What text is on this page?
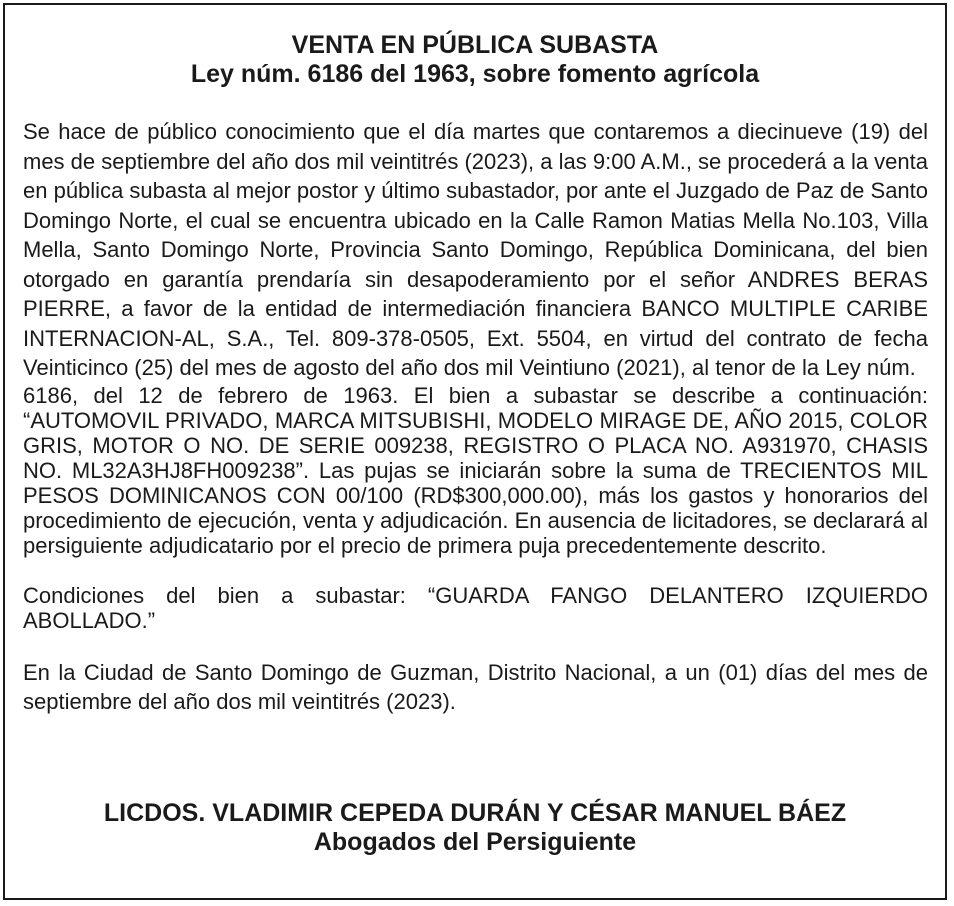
VENTA EN PÚBLICA SUBASTA
Ley núm. 6186 del 1963, sobre fomento agrícola

Se hace de público conocimiento que el día martes que contaremos a diecinueve (19) del mes de septiembre del año dos mil veintitrés (2023), a las 9:00 A.M., se procederá a la venta en pública subasta al mejor postor y último subastador, por ante el Juzgado de Paz de Santo Domingo Norte, el cual se encuentra ubicado en la Calle Ramon Matias Mella No.103, Villa Mella, Santo Domingo Norte, Provincia Santo Domingo, República Dominicana, del bien otorgado en garantía prendaría sin desapoderamiento por el señor ANDRES BERAS PIERRE, a favor de la entidad de intermediación financiera BANCO MULTIPLE CARIBE INTERNACION-AL, S.A., Tel. 809-378-0505, Ext. 5504, en virtud del contrato de fecha Veinticinco (25) del mes de agosto del año dos mil Veintiuno (2021), al tenor de la Ley núm.

6186, del 12 de febrero de 1963. El bien a subastar se describe a continuación: “AUTOMOVIL PRIVADO, MARCA MITSUBISHI, MODELO MIRAGE DE, AÑO 2015, COLOR GRIS, MOTOR O NO. DE SERIE 009238, REGISTRO O PLACA NO. A931970, CHASIS NO. ML32A3HJ8FH009238”. Las pujas se iniciarán sobre la suma de TRECIENTOS MIL PESOS DOMINICANOS CON 00/100 (RD$300,000.00), más los gastos y honorarios del procedimiento de ejecución, venta y adjudicación. En ausencia de licitadores, se declarará al persiguiente adjudicatario por el precio de primera puja precedentemente descrito.

Condiciones del bien a subastar: “GUARDA FANGO DELANTERO IZQUIERDO ABOLLADO.”

En la Ciudad de Santo Domingo de Guzman, Distrito Nacional, a un (01) días del mes de septiembre del año dos mil veintitrés (2023).

LICDOS. VLADIMIR CEPEDA DURÁN Y CÉSAR MANUEL BÁEZ
Abogados del Persiguiente
